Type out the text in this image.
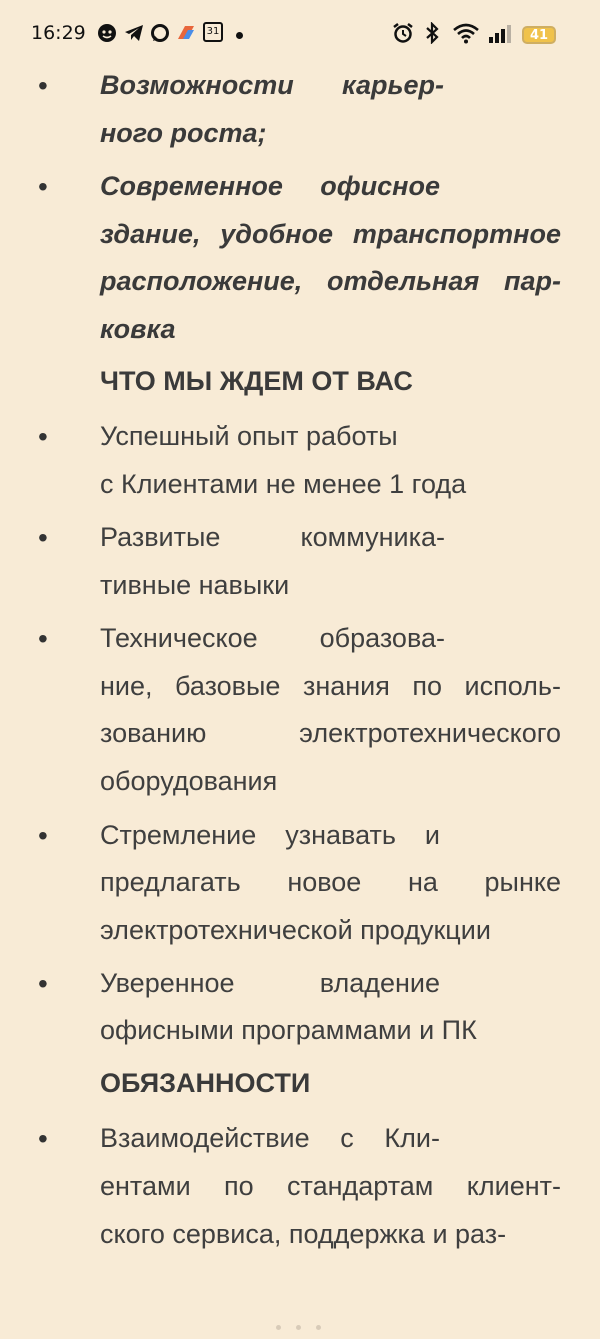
16:29	31	41
• Возможности карьер-
ного роста;
• Современное офисное
здание, удобное транспортное
расположение, отдельная пар-
ковка
ЧТО МЫ ЖДЕМ ОТ ВАС
• Успешный опыт работы
с Клиентами не менее 1 года
• Развитые	коммуника-
тивные навыки
• Техническое образова-
ние, базовые знания по исполь-
зованию	электротехнического
оборудования
• Стремление узнавать и
предлагать новое на рынке
электротехнической продукции
• Уверенное	владение
офисными программами и ПК
ОБЯЗАННОСТИ
• Взаимодействие с Кли-
ентами по стандартам клиент-
ского сервиса, поддержка и раз-
